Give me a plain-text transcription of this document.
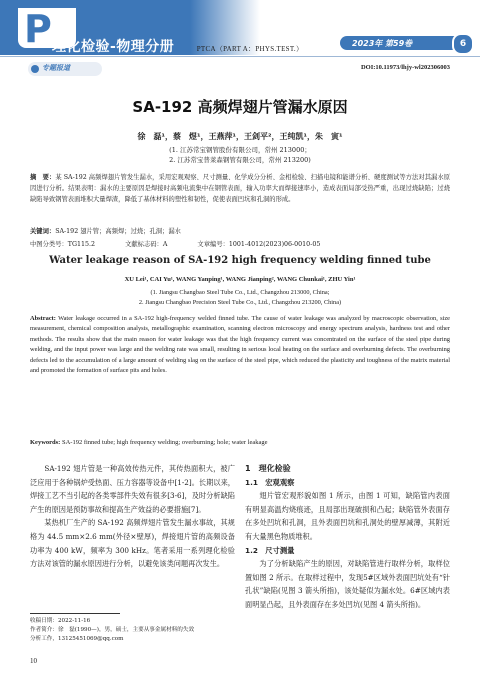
P 理化检验-物理分册	PTCA（PART A：PHYS.TEST.）
2023年 第59卷	6
专题报道	DOI:10.11973/lhjy-wl202306003
SA-192 高频焊翅片管漏水原因
徐　磊¹，蔡　煜¹，王燕萍¹，王剑平²，王纯凯¹，朱　寅¹
(1. 江苏常宝钢管股份有限公司，常州 213000；
2. 江苏常宝普莱森钢管有限公司，常州 213200)
摘　要：某 SA-192 高频焊翅片管发生漏水，采用宏观观察、尺寸测量、化学成分分析、金相检验、扫描电镜和能谱分析、硬度测试等方法对其漏水原因进行分析。结果表明：漏水的主要原因是焊接时高频电流集中在钢管表面，输入功率大而焊接速率小，造成表面局部受热严重，出现过烧缺陷；过烧缺陷导致钢管表面堆积大量焊渣，降低了基体材料的塑性和韧性，促使表面凹坑和孔洞的形成。
关键词：SA-192 翅片管；高频焊；过烧；孔洞；漏水
中图分类号：TG115.2	文献标志码：A	文章编号：1001-4012(2023)06-0010-05
Water leakage reason of SA-192 high frequency welding finned tube
XU Lei¹, CAI Yu¹, WANG Yanping¹, WANG Jianping², WANG Chunkai¹, ZHU Yin¹
(1. Jiangsu Changbao Steel Tube Co., Ltd., Changzhou 213000, China;
2. Jiangsu Changbao Precision Steel Tube Co., Ltd., Changzhou 213200, China)
Abstract: Water leakage occurred in a SA-192 high-frequency welded finned tube. The cause of water leakage was analyzed by macroscopic observation, size measurement, chemical composition analysis, metallographic examination, scanning electron microscopy and energy spectrum analysis, hardness test and other methods. The results show that the main reason for water leakage was that the high frequency current was concentrated on the surface of the steel pipe during welding, and the input power was large and the welding rate was small, resulting in serious local heating on the surface and overburning defects. The overburning defects led to the accumulation of a large amount of welding slag on the surface of the steel pipe, which reduced the plasticity and toughness of the matrix material and promoted the formation of surface pits and holes.
Keywords: SA-192 finned tube; high frequency welding; overburning; hole; water leakage

SA-192 翅片管是一种高效传热元件，其传热面积大，被广泛应用于各种锅炉受热面、压力容器等设备中[1-2]。长期以来，焊接工艺不当引起的各类零部件失效有很多[3-6]，及时分析缺陷产生的原因是预防事故和提高生产效益的必要措施[7]。

某热机厂生产的 SA-192 高频焊翅片管发生漏水事故，其规格为 44.5 mm×2.6 mm(外径×壁厚)，焊接翅片管的高频设备功率为 400 kW，频率为 300 kHz。笔者采用一系列理化检验方法对该管的漏水原因进行分析，以避免该类问题再次发生。

1　理化检验
1.1　宏观观察

翅片管宏观形貌如图 1 所示，由图 1 可知，缺陷管内表面有明显高温灼烧痕迹，且局部出现破损和凸起；缺陷管外表面存在多处凹坑和孔洞，且外表面凹坑和孔洞处的壁厚减薄，其附近有大量黑色物质堆积。

1.2　尺寸测量

为了分析缺陷产生的原因，对缺陷管进行取样分析，取样位置如图 2 所示。在取样过程中，发现5#区域外表面凹坑处有“针孔状”缺陷(见图 3 箭头所指)，该处疑似为漏水处。6#区域内表面明显凸起，且外表面存在多处凹坑(见图 4 箭头所指)。

收稿日期：2022-11-16
作者简介：徐　磊(1990—)，男，硕士，主要从事金属材料的失效
分析工作，13125451069@qq.com
10
